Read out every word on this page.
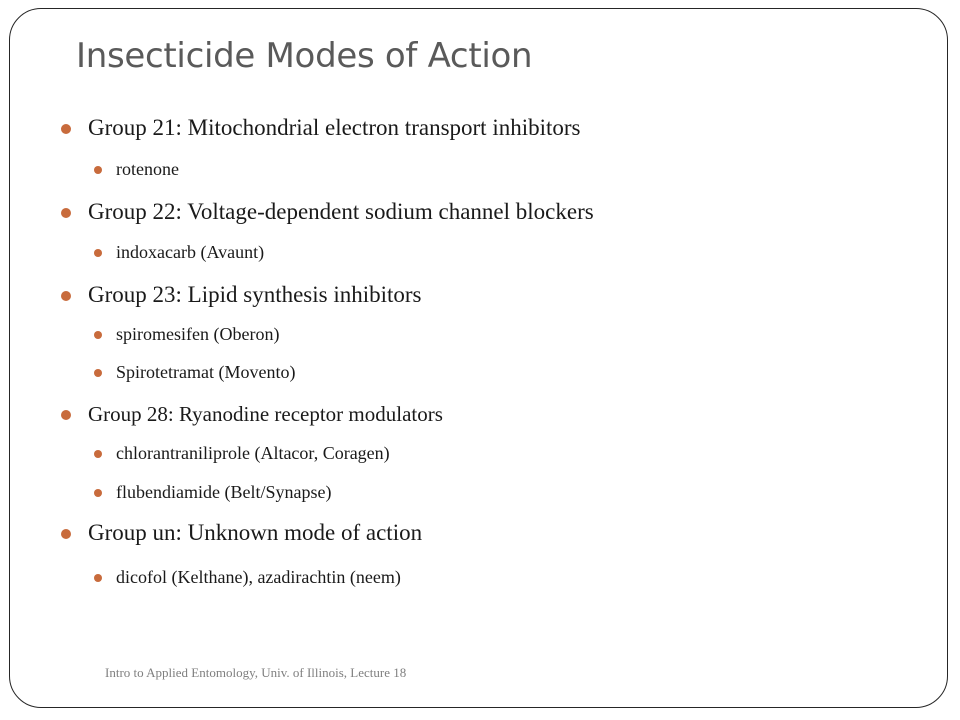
Insecticide Modes of Action
Group 21: Mitochondrial electron transport inhibitors
rotenone
Group 22: Voltage-dependent sodium channel blockers
indoxacarb (Avaunt)
Group 23: Lipid synthesis inhibitors
spiromesifen (Oberon)
Spirotetramat (Movento)
Group 28: Ryanodine receptor modulators
chlorantraniliprole (Altacor, Coragen)
flubendiamide (Belt/Synapse)
Group un: Unknown mode of action
dicofol (Kelthane), azadirachtin (neem)
Intro to Applied Entomology, Univ. of Illinois, Lecture 18
